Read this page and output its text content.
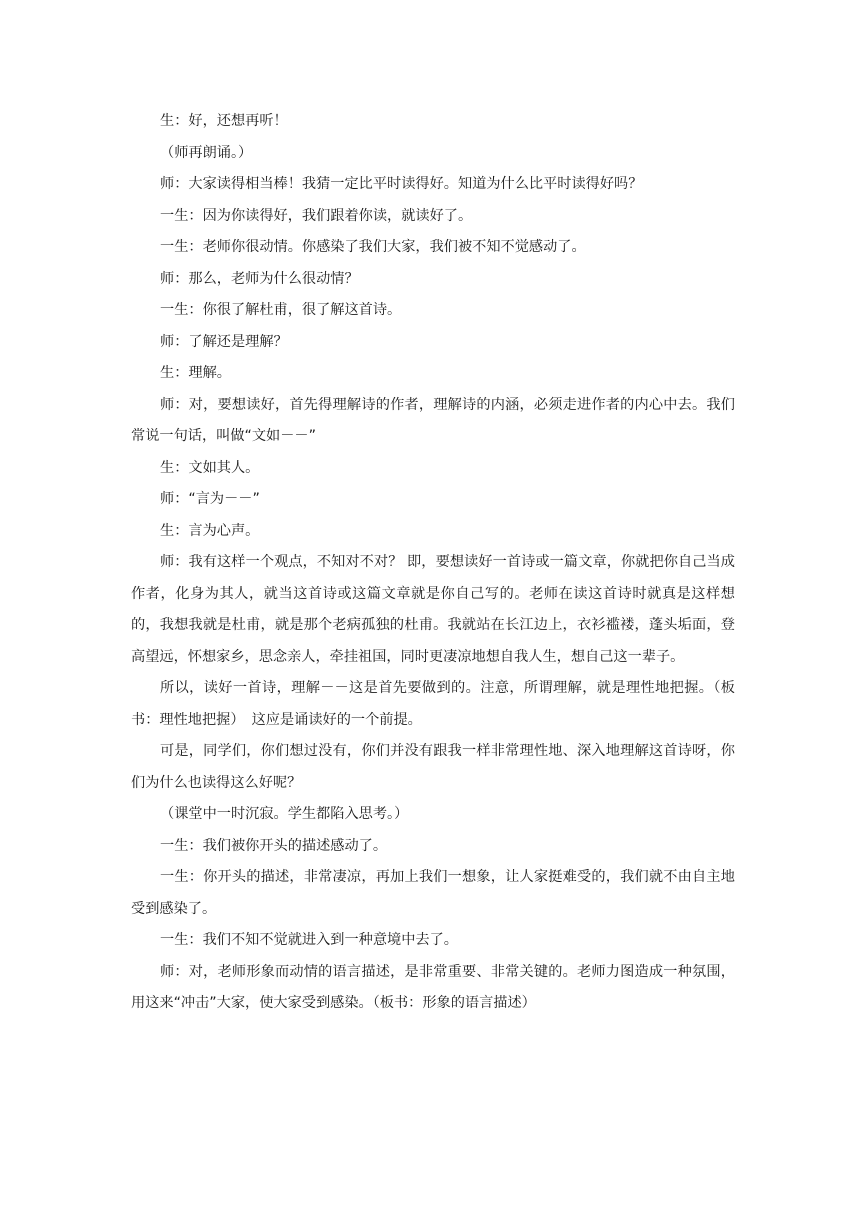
生：好，还想再听！

（师再朗诵。）

师：大家读得相当棒！我猜一定比平时读得好。知道为什么比平时读得好吗？

一生：因为你读得好，我们跟着你读，就读好了。

一生：老师你很动情。你感染了我们大家，我们被不知不觉感动了。

师：那么，老师为什么很动情？

一生：你很了解杜甫，很了解这首诗。

师：了解还是理解？

生：理解。

师：对，要想读好，首先得理解诗的作者，理解诗的内涵，必须走进作者的内心中去。我们常说一句话，叫做“文如－－”

生：文如其人。

师：“言为－－”

生：言为心声。

师：我有这样一个观点，不知对不对？ 即，要想读好一首诗或一篇文章，你就把你自己当成作者，化身为其人，就当这首诗或这篇文章就是你自己写的。老师在读这首诗时就真是这样想的，我想我就是杜甫，就是那个老病孤独的杜甫。我就站在长江边上，衣衫褴褛，蓬头垢面，登高望远，怀想家乡，思念亲人，牵挂祖国，同时更凄凉地想自我人生，想自己这一辈子。

所以，读好一首诗，理解－－这是首先要做到的。注意，所谓理解，就是理性地把握。（板书：理性地把握）　这应是诵读好的一个前提。

可是，同学们，你们想过没有，你们并没有跟我一样非常理性地、深入地理解这首诗呀，你们为什么也读得这么好呢？

（课堂中一时沉寂。学生都陷入思考。）

一生：我们被你开头的描述感动了。

一生：你开头的描述，非常凄凉，再加上我们一想象，让人家挺难受的，我们就不由自主地受到感染了。

一生：我们不知不觉就进入到一种意境中去了。

师：对，老师形象而动情的语言描述，是非常重要、非常关键的。老师力图造成一种氛围，用这来“冲击”大家，使大家受到感染。（板书：形象的语言描述）
